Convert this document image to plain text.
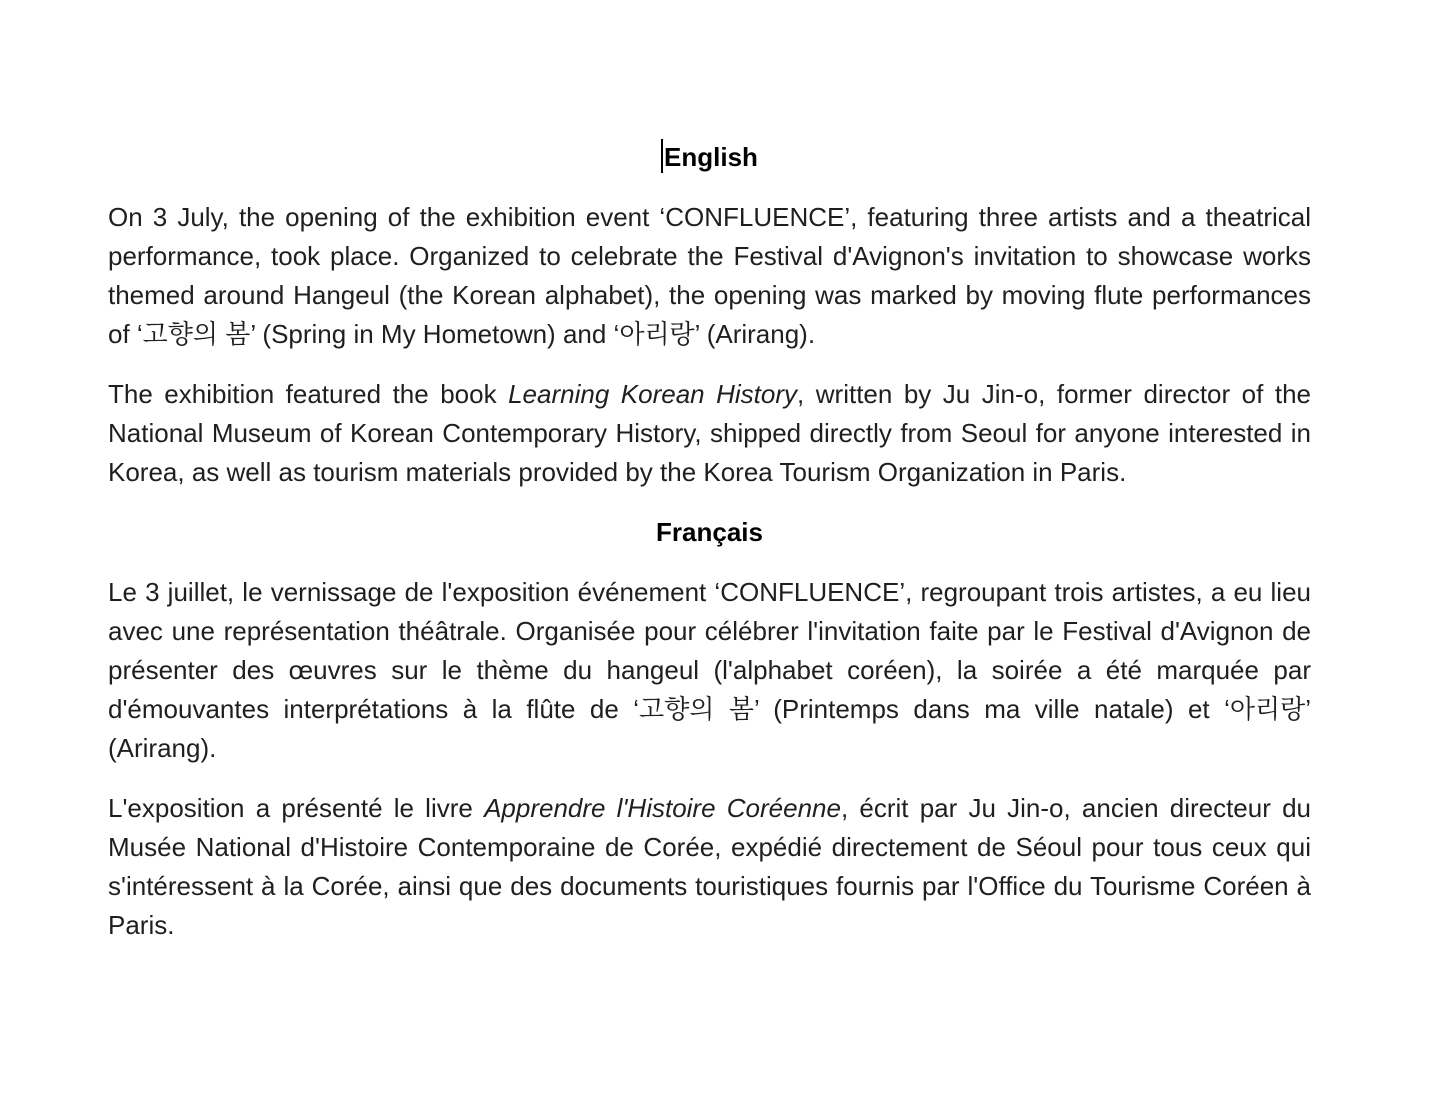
English

On 3 July, the opening of the exhibition event ‘CONFLUENCE’, featuring three artists and a theatrical performance, took place. Organized to celebrate the Festival d'Avignon's invitation to showcase works themed around Hangeul (the Korean alphabet), the opening was marked by moving flute performances of ‘고향의 봄’ (Spring in My Hometown) and ‘아리랑’ (Arirang).

The exhibition featured the book Learning Korean History, written by Ju Jin-o, former director of the National Museum of Korean Contemporary History, shipped directly from Seoul for anyone interested in Korea, as well as tourism materials provided by the Korea Tourism Organization in Paris.

Français

Le 3 juillet, le vernissage de l'exposition événement ‘CONFLUENCE’, regroupant trois artistes, a eu lieu avec une représentation théâtrale. Organisée pour célébrer l'invitation faite par le Festival d'Avignon de présenter des œuvres sur le thème du hangeul (l'alphabet coréen), la soirée a été marquée par d'émouvantes interprétations à la flûte de ‘고향의 봄’ (Printemps dans ma ville natale) et ‘아리랑’ (Arirang).

L'exposition a présenté le livre Apprendre l'Histoire Coréenne, écrit par Ju Jin-o, ancien directeur du Musée National d'Histoire Contemporaine de Corée, expédié directement de Séoul pour tous ceux qui s'intéressent à la Corée, ainsi que des documents touristiques fournis par l'Office du Tourisme Coréen à Paris.
